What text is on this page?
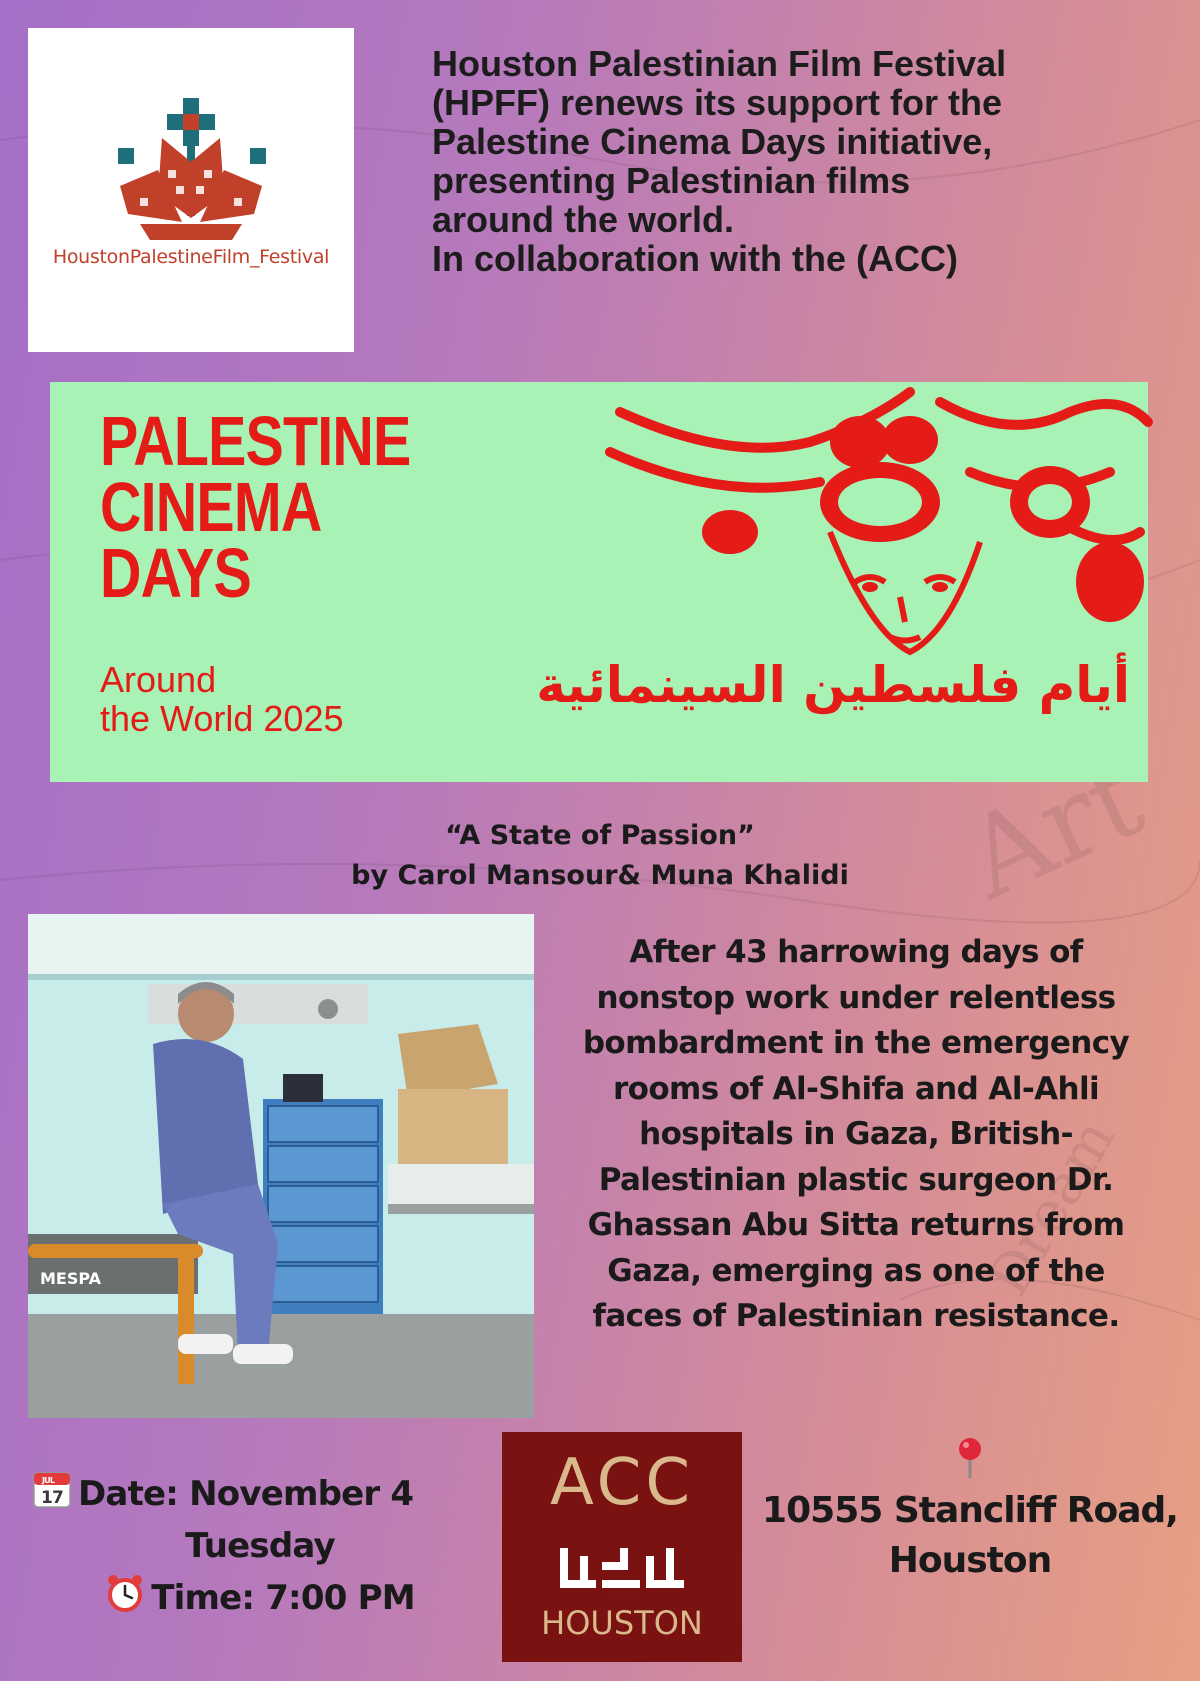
Art
Dream
HoustonPalestineFilm_Festival

Houston Palestinian Film Festival

(HPFF) renews its support for the

Palestine Cinema Days initiative,

presenting Palestinian films

around the world.

In collaboration with the (ACC)

PALESTINE
CINEMA
DAYS
Around
the World 2025
أيام فلسطين السينمائية
“A State of Passion”
by Carol Mansour& Muna Khalidi
MESPA
After 43 harrowing days of
nonstop work under relentless
bombardment in the emergency
rooms of Al-Shifa and Al-Ahli
hospitals in Gaza, British-
Palestinian plastic surgeon Dr.
Ghassan Abu Sitta returns from
Gaza, emerging as one of the
faces of Palestinian resistance.
JUL
17 Date: November 4
Tuesday
Time: 7:00 PM
ACC
HOUSTON
10555 Stancliff Road,
Houston
